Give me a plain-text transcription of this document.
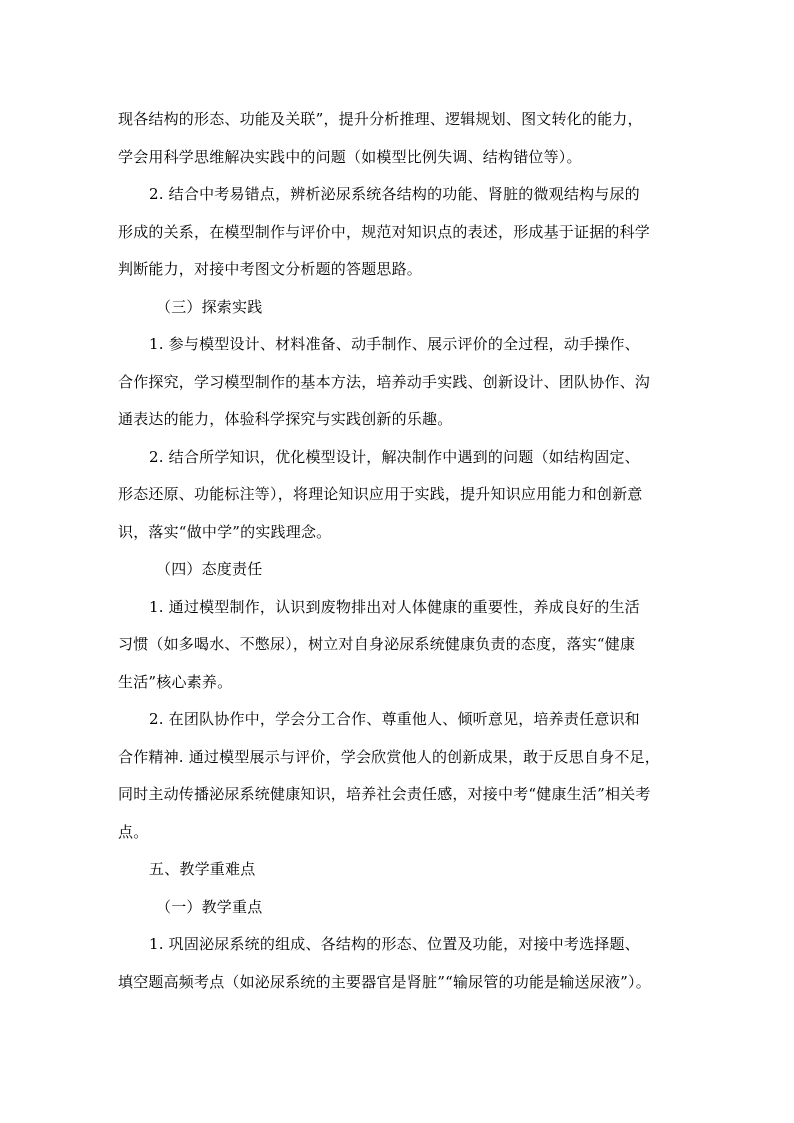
现各结构的形态、功能及关联”，提升分析推理、逻辑规划、图文转化的能力，
学会用科学思维解决实践中的问题（如模型比例失调、结构错位等）。
2. 结合中考易错点，辨析泌尿系统各结构的功能、肾脏的微观结构与尿的
形成的关系，在模型制作与评价中，规范对知识点的表述，形成基于证据的科学
判断能力，对接中考图文分析题的答题思路。
（三）探索实践
1. 参与模型设计、材料准备、动手制作、展示评价的全过程，动手操作、
合作探究，学习模型制作的基本方法，培养动手实践、创新设计、团队协作、沟
通表达的能力，体验科学探究与实践创新的乐趣。
2. 结合所学知识，优化模型设计，解决制作中遇到的问题（如结构固定、
形态还原、功能标注等），将理论知识应用于实践，提升知识应用能力和创新意
识，落实“做中学”的实践理念。
（四）态度责任
1. 通过模型制作，认识到废物排出对人体健康的重要性，养成良好的生活
习惯（如多喝水、不憋尿），树立对自身泌尿系统健康负责的态度，落实“健康
生活”核心素养。
2. 在团队协作中，学会分工合作、尊重他人、倾听意见，培养责任意识和
合作精神. 通过模型展示与评价，学会欣赏他人的创新成果，敢于反思自身不足，
同时主动传播泌尿系统健康知识，培养社会责任感，对接中考“健康生活”相关考
点。
五、教学重难点
（一）教学重点
1. 巩固泌尿系统的组成、各结构的形态、位置及功能，对接中考选择题、
填空题高频考点（如泌尿系统的主要器官是肾脏”“输尿管的功能是输送尿液”）。
